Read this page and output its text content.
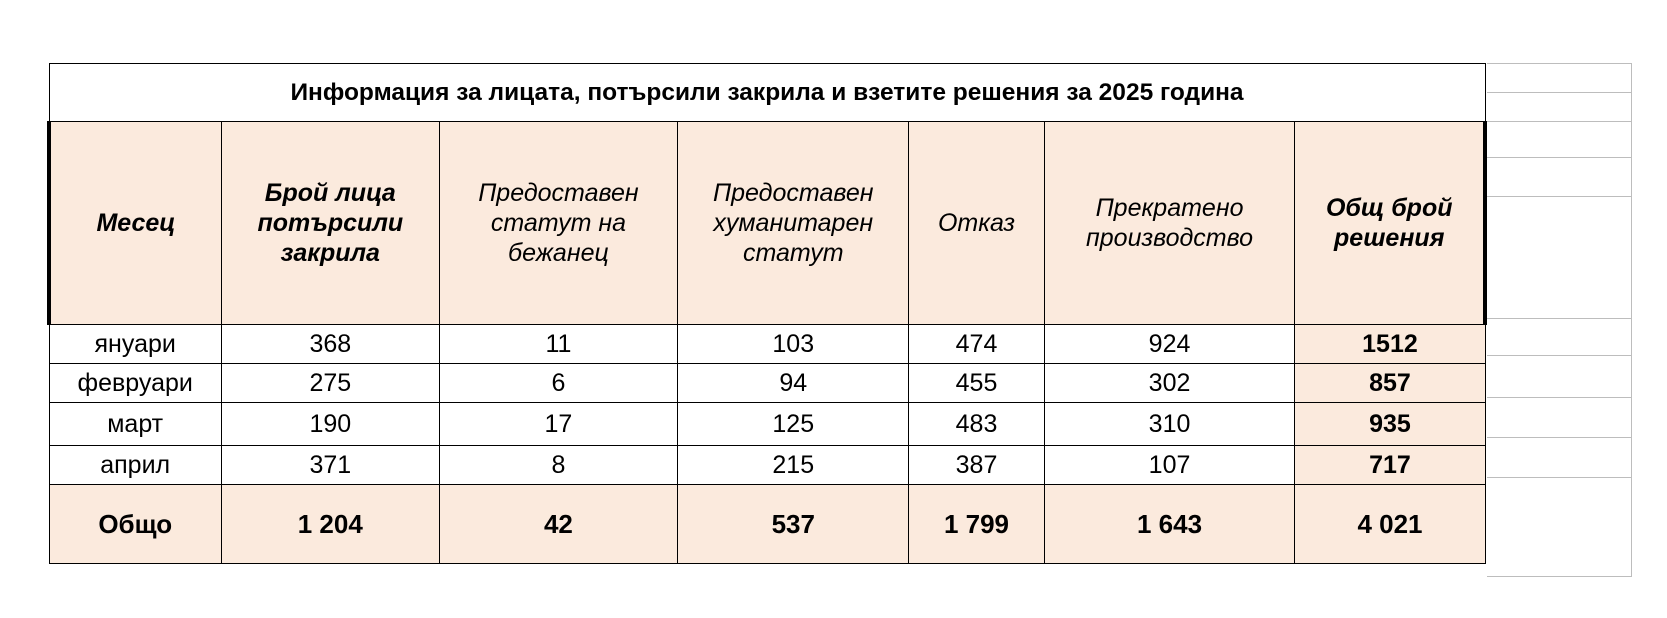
Информация за лицата, потърсили закрила и взетите решения за 2025 година						
Месец	Брой лица потърсили закрила	Предоставен статут на бежанец	Предоставен хуманитарен статут	Отказ	Прекратено производство	Общ брой решения
януари	368	11	103	474	924	1512
февруари	275	6	94	455	302	857
март	190	17	125	483	310	935
април	371	8	215	387	107	717
Общо	1 204	42	537	1 799	1 643	4 021
